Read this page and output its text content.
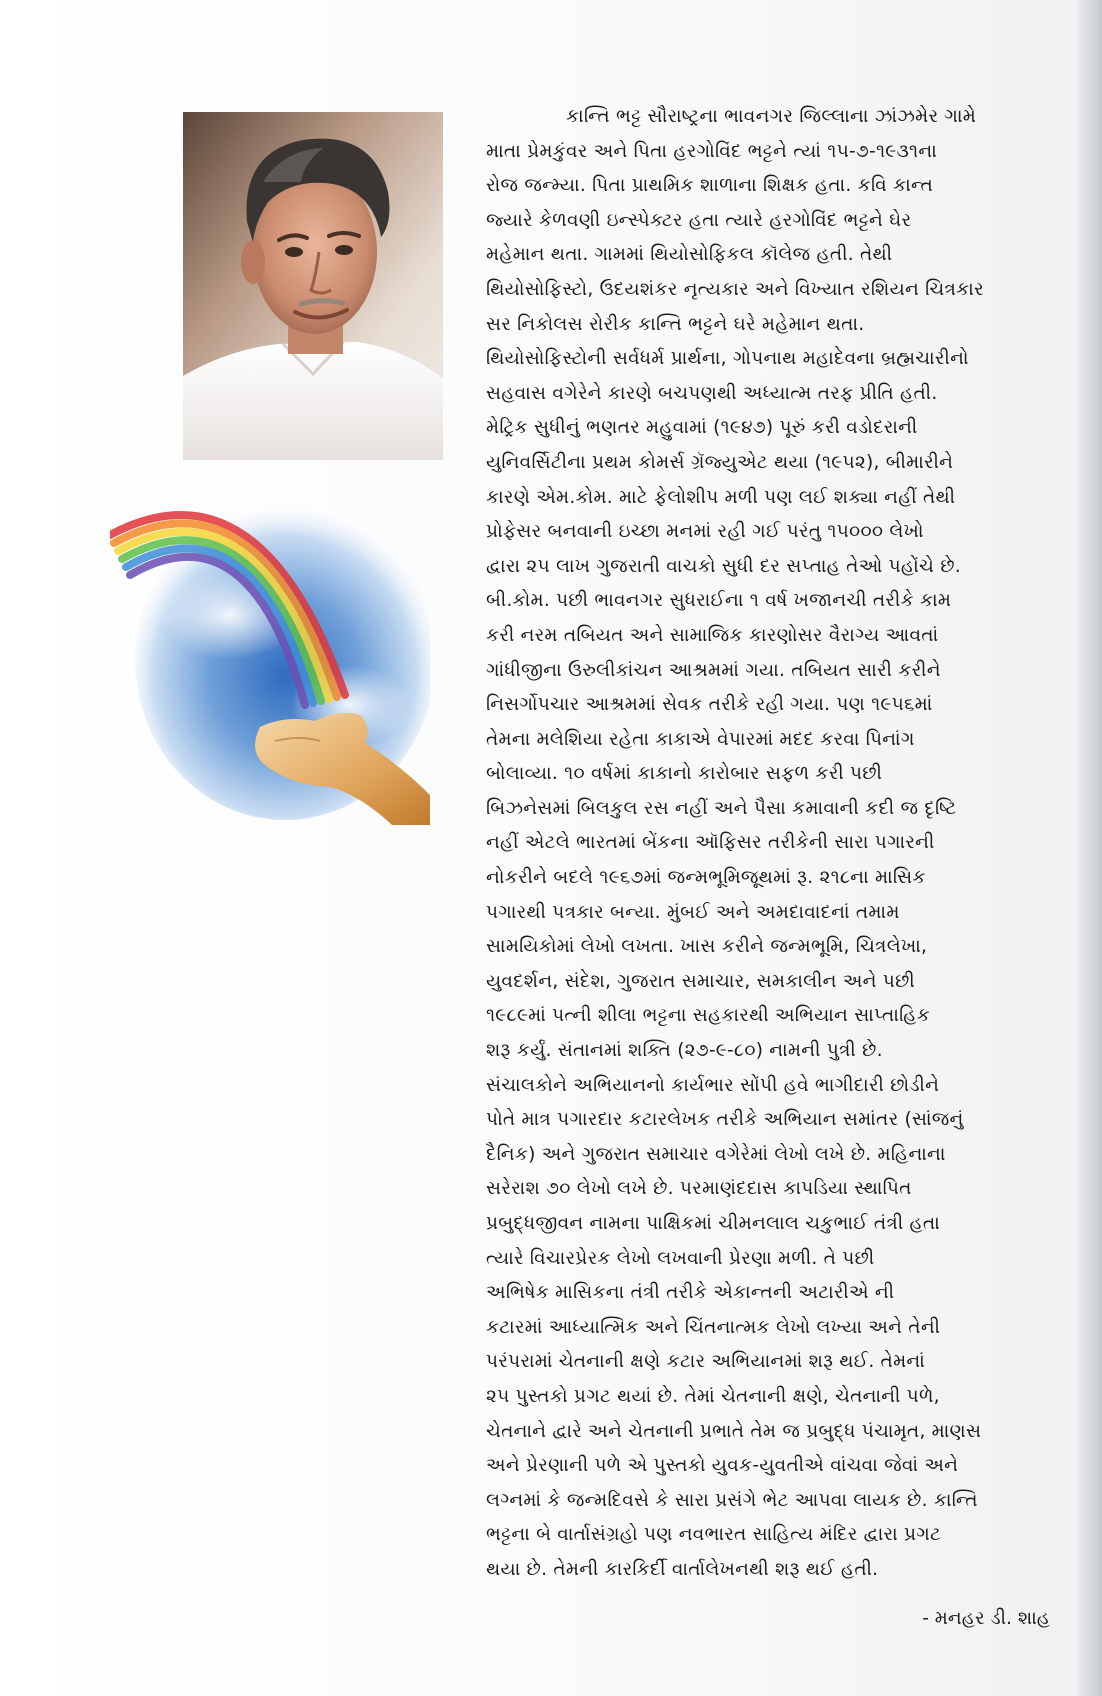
કાન્તિ ભટ્ટ સૌરાષ્ટ્રના ભાવનગર જિલ્લાના ઝાંઝમેર ગામે
માતા પ્રેમકુંવર અને પિતા હરગોવિંદ ભટ્ટને ત્યાં ૧૫-૭-૧૯૩૧ના
રોજ જન્મ્યા. પિતા પ્રાથમિક શાળાના શિક્ષક હતા. કવિ કાન્ત
જ્યારે કેળવણી ઇન્સ્પેક્ટર હતા ત્યારે હરગોવિંદ ભટ્ટને ઘેર
મહેમાન થતા. ગામમાં થિયોસોફિકલ કૉલેજ હતી. તેથી
થિયોસોફિસ્ટો, ઉદયશંકર નૃત્યકાર અને વિખ્યાત રશિયન ચિત્રકાર
સર નિકોલસ રોરીક કાન્તિ ભટ્ટને ઘરે મહેમાન થતા.
થિયોસોફિસ્ટોની સર્વધર્મ પ્રાર્થના, ગોપનાથ મહાદેવના બ્રહ્મચારીનો
સહવાસ વગેરેને કારણે બચપણથી અધ્યાત્મ તરફ પ્રીતિ હતી.
મેટ્રિક સુધીનું ભણતર મહુવામાં (૧૯૪૭) પૂરું કરી વડોદરાની
યુનિવર્સિટીના પ્રથમ કોમર્સ ગ્રૅજ્યુએટ થયા (૧૯૫૨), બીમારીને
કારણે એમ.કોમ. માટે ફેલોશીપ મળી પણ લઈ શક્યા નહીં તેથી
પ્રોફેસર બનવાની ઇચ્છા મનમાં રહી ગઈ પરંતુ ૧૫૦૦૦ લેખો
દ્વારા ૨૫ લાખ ગુજરાતી વાચકો સુધી દર સપ્તાહ તેઓ પહોંચે છે.
બી.કોમ. પછી ભાવનગર સુધરાઈના ૧ વર્ષ ખજાનચી તરીકે કામ
કરી નરમ તબિયત અને સામાજિક કારણોસર વૈરાગ્ય આવતાં
ગાંધીજીના ઉરુલીકાંચન આશ્રમમાં ગયા. તબિયત સારી કરીને
નિસર્ગોપચાર આશ્રમમાં સેવક તરીકે રહી ગયા. પણ ૧૯૫૬માં
તેમના મલેશિયા રહેતા કાકાએ વેપારમાં મદદ કરવા પિનાંગ
બોલાવ્યા. ૧૦ વર્ષમાં કાકાનો કારોબાર સફળ કરી પછી
બિઝનેસમાં બિલકુલ રસ નહીં અને પૈસા કમાવાની કદી જ દૃષ્ટિ
નહીં એટલે ભારતમાં બેંકના ઑફિસર તરીકેની સારા પગારની
નોકરીને બદલે ૧૯૬૭માં જન્મભૂમિજૂથમાં રૂ. ૨૧૮ના માસિક
પગારથી પત્રકાર બન્યા. મુંબઈ અને અમદાવાદનાં તમામ
સામયિકોમાં લેખો લખતા. ખાસ કરીને જન્મભૂમિ, ચિત્રલેખા,
યુવદર્શન, સંદેશ, ગુજરાત સમાચાર, સમકાલીન અને પછી
૧૯૮૯માં પત્ની શીલા ભટ્ટના સહકારથી અભિયાન સાપ્તાહિક
શરૂ કર્યું. સંતાનમાં શક્તિ (૨૭-૯-૮૦) નામની પુત્રી છે.
સંચાલકોને અભિયાનનો કાર્યભાર સોંપી હવે ભાગીદારી છોડીને
પોતે માત્ર પગારદાર કટારલેખક તરીકે અભિયાન સમાંતર (સાંજનું
દૈનિક) અને ગુજરાત સમાચાર વગેરેમાં લેખો લખે છે. મહિનાના
સરેરાશ ૭૦ લેખો લખે છે. પરમાણંદદાસ કાપડિયા સ્થાપિત
પ્રબુદ્ધજીવન નામના પાક્ષિકમાં ચીમનલાલ ચકુભાઈ તંત્રી હતા
ત્યારે વિચારપ્રેરક લેખો લખવાની પ્રેરણા મળી. તે પછી
અભિષેક માસિકના તંત્રી તરીકે એકાન્તની અટારીએ ની
કટારમાં આધ્યાત્મિક અને ચિંતનાત્મક લેખો લખ્યા અને તેની
પરંપરામાં ચેતનાની ક્ષણે કટાર અભિયાનમાં શરૂ થઈ. તેમનાં
૨૫ પુસ્તકો પ્રગટ થયાં છે. તેમાં ચેતનાની ક્ષણે, ચેતનાની પળે,
ચેતનાને દ્વારે અને ચેતનાની પ્રભાતે તેમ જ પ્રબુદ્ધ પંચામૃત, માણસ
અને પ્રેરણાની પળે એ પુસ્તકો યુવક-યુવતીએ વાંચવા જેવાં અને
લગ્નમાં કે જન્મદિવસે કે સારા પ્રસંગે ભેટ આપવા લાયક છે. કાન્તિ
ભટ્ટના બે વાર્તાસંગ્રહો પણ નવભારત સાહિત્ય મંદિર દ્વારા પ્રગટ
થયા છે. તેમની કારકિર્દી વાર્તાલેખનથી શરૂ થઈ હતી.
- મનહર ડી. શાહ
